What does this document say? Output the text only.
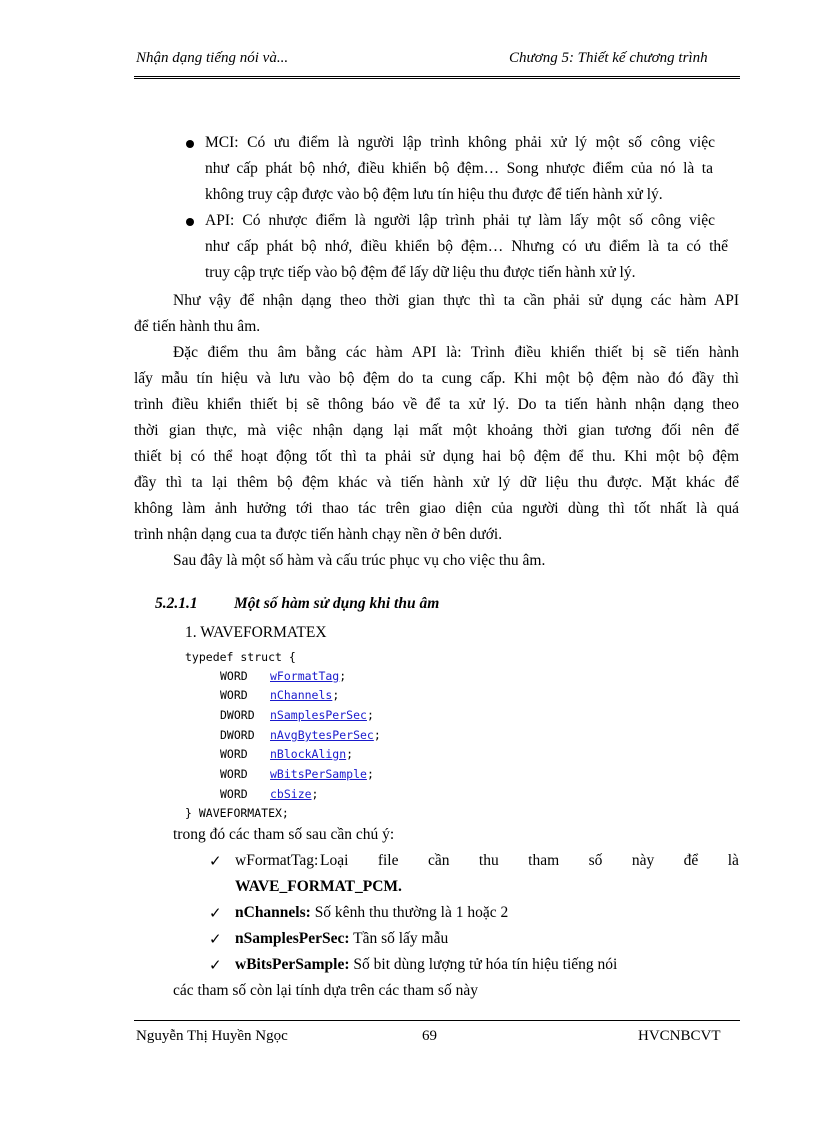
Nhận dạng tiếng nói và...	Chương 5: Thiết kế chương trình
MCI: Có ưu điểm là người lập trình không phải xử lý một số công việc
như cấp phát bộ nhớ, điều khiển bộ đệm… Song nhược điểm của nó là ta
không truy cập được vào bộ đệm lưu tín hiệu thu được để tiến hành xử lý.
API: Có nhược điểm là người lập trình phải tự làm lấy một số công việc
như cấp phát bộ nhớ, điều khiển bộ đệm… Nhưng có ưu điểm là ta có thể
truy cập trực tiếp vào bộ đệm để lấy dữ liệu thu được tiến hành xử lý.
Như vậy để nhận dạng theo thời gian thực thì ta cần phải sử dụng các hàm API
để tiến hành thu âm.
Đặc điểm thu âm bằng các hàm API là: Trình điều khiển thiết bị sẽ tiến hành
lấy mẫu tín hiệu và lưu vào bộ đệm do ta cung cấp. Khi một bộ đệm nào đó đầy thì
trình điều khiển thiết bị sẽ thông báo về để ta xử lý. Do ta tiến hành nhận dạng theo
thời gian thực, mà việc nhận dạng lại mất một khoảng thời gian tương đối nên để
thiết bị có thể hoạt động tốt thì ta phải sử dụng hai bộ đệm để thu. Khi một bộ đệm
đầy thì ta lại thêm bộ đệm khác và tiến hành xử lý dữ liệu thu được. Mặt khác để
không làm ảnh hưởng tới thao tác trên giao diện của người dùng thì tốt nhất là quá
trình nhận dạng cua ta được tiến hành chạy nền ở bên dưới.
Sau đây là một số hàm và cấu trúc phục vụ cho việc thu âm.
5.2.1.1 Một số hàm sử dụng khi thu âm
1. WAVEFORMATEX
typedef struct {
WORD wFormatTag;
WORD nChannels;
DWORD nSamplesPerSec;
DWORD nAvgBytesPerSec;
WORD nBlockAlign;
WORD wBitsPerSample;
WORD cbSize;
} WAVEFORMATEX;
trong đó các tham số sau cần chú ý:
✓ wFormatTag: Loại file cần thu tham số này để là
WAVE_FORMAT_PCM.
✓ nChannels: Số kênh thu thường là 1 hoặc 2
✓ nSamplesPerSec: Tần số lấy mẫu
✓ wBitsPerSample: Số bit dùng lượng tử hóa tín hiệu tiếng nói
các tham số còn lại tính dựa trên các tham số này
Nguyễn Thị Huyền Ngọc	69	HVCNBCVT
